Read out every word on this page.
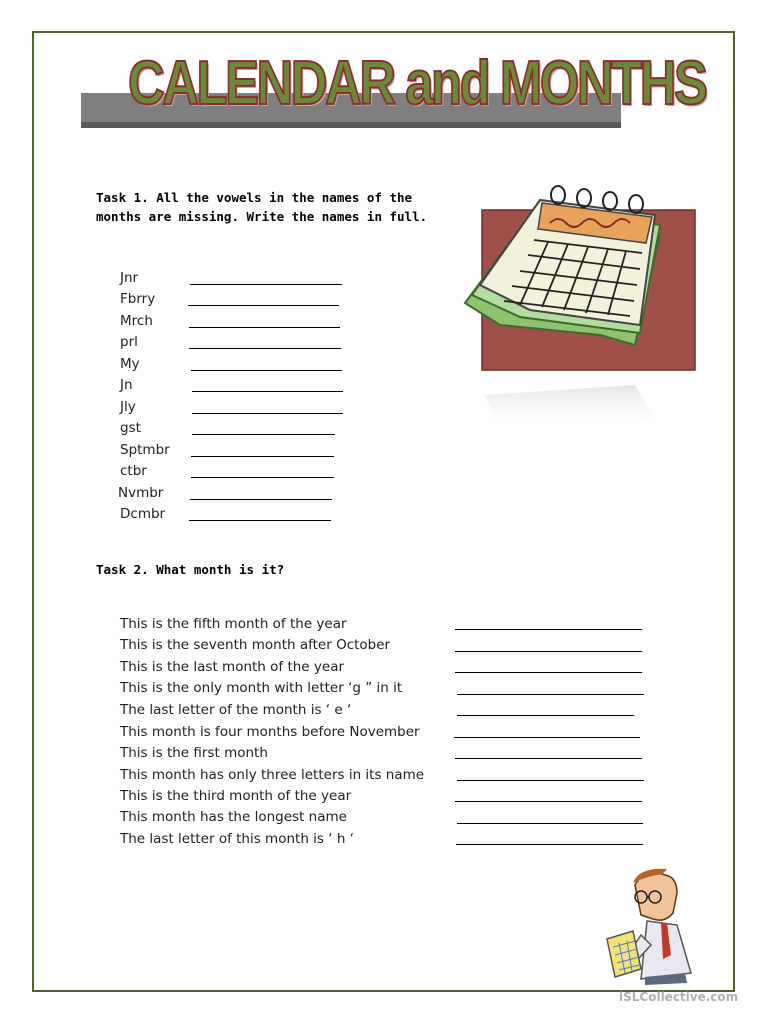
CALENDAR and MONTHS
Task 1. All the vowels in the names of the
months are missing. Write the names in full.
Jnr
Fbrry
Mrch
prl
My
Jn
Jly
gst
Sptmbr
ctbr
Nvmbr
Dcmbr
Task 2. What month is it?
This is the fifth month of the year
This is the seventh month after October
This is the last month of the year
This is the only month with letter ‘g ” in it
The last letter of the month is ‘ e ‘
This month is four months before November
This is the first month
This month has only three letters in its name
This is the third month of the year
This month has the longest name
The last letter of this month is ‘ h ‘
iSLCollective.com
